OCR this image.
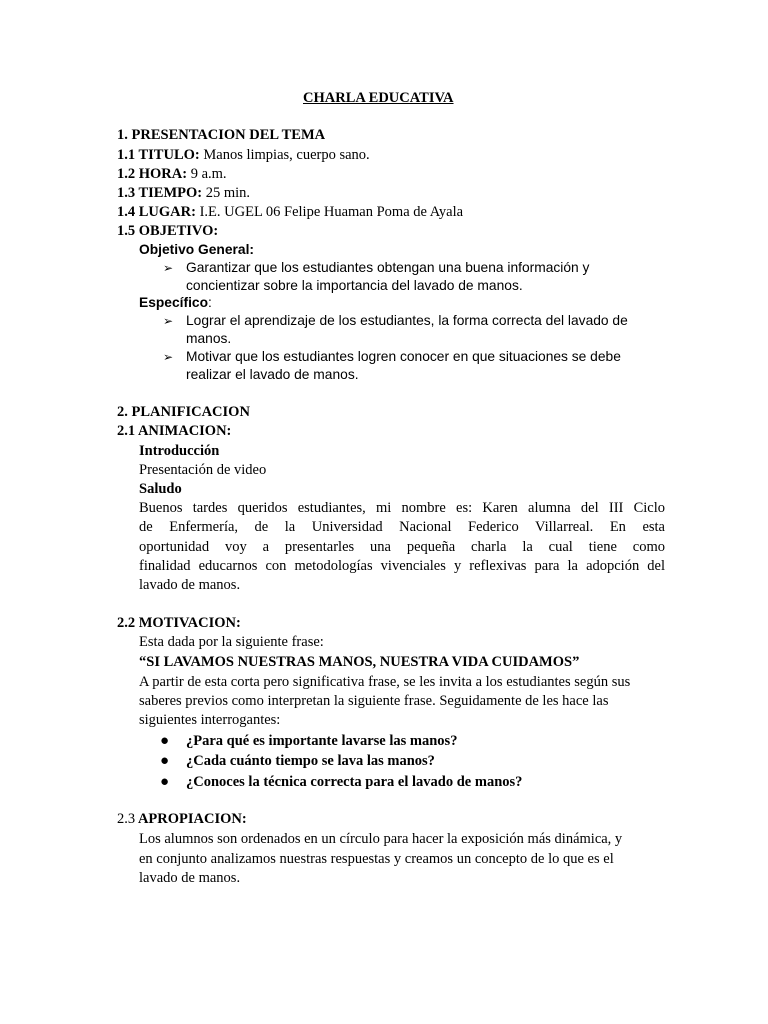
CHARLA EDUCATIVA
1. PRESENTACION DEL TEMA
1.1 TITULO: Manos limpias, cuerpo sano.
1.2 HORA: 9 a.m.
1.3 TIEMPO: 25 min.
1.4 LUGAR: I.E. UGEL 06 Felipe Huaman Poma de Ayala
1.5 OBJETIVO:
Objetivo General:
➢ Garantizar que los estudiantes obtengan una buena información y
concientizar sobre la importancia del lavado de manos.
Específico:
➢ Lograr el aprendizaje de los estudiantes, la forma correcta del lavado de
manos.
➢ Motivar que los estudiantes logren conocer en que situaciones se debe
realizar el lavado de manos.
2. PLANIFICACION
2.1 ANIMACION:
Introducción
Presentación de video
Saludo
Buenos tardes queridos estudiantes, mi nombre es: Karen alumna del III Ciclo
de Enfermería, de la Universidad Nacional Federico Villarreal. En esta
oportunidad voy a presentarles una pequeña charla la cual tiene como
finalidad educarnos con metodologías vivenciales y reflexivas para la adopción del
lavado de manos.
2.2 MOTIVACION:
Esta dada por la siguiente frase:
“SI LAVAMOS NUESTRAS MANOS, NUESTRA VIDA CUIDAMOS”
A partir de esta corta pero significativa frase, se les invita a los estudiantes según sus
saberes previos como interpretan la siguiente frase. Seguidamente de les hace las
siguientes interrogantes:
● ¿Para qué es importante lavarse las manos?
● ¿Cada cuánto tiempo se lava las manos?
● ¿Conoces la técnica correcta para el lavado de manos?
2.3 APROPIACION:
Los alumnos son ordenados en un círculo para hacer la exposición más dinámica, y
en conjunto analizamos nuestras respuestas y creamos un concepto de lo que es el
lavado de manos.
